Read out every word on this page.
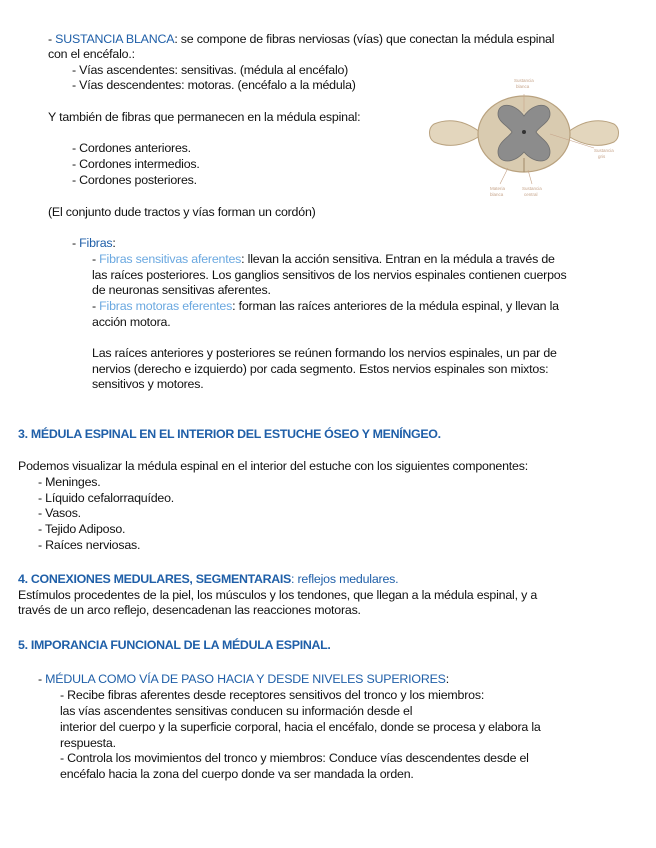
- SUSTANCIA BLANCA: se compone de fibras nerviosas (vías) que conectan la médula espinal
con el encéfalo.:
- Vías ascendentes: sensitivas. (médula al encéfalo)
- Vías descendentes: motoras. (encéfalo a la médula)
Y también de fibras que permanecen en la médula espinal:
- Cordones anteriores.
- Cordones intermedios.
- Cordones posteriores.
(El conjunto dude tractos y vías forman un cordón)
- Fibras:
- Fibras sensitivas aferentes: llevan la acción sensitiva. Entran en la médula a través de
las raíces posteriores. Los ganglios sensitivos de los nervios espinales contienen cuerpos
de neuronas sensitivas aferentes.
- Fibras motoras eferentes: forman las raíces anteriores de la médula espinal, y llevan la
acción motora.
Las raíces anteriores y posteriores se reúnen formando los nervios espinales, un par de
nervios (derecho e izquierdo) por cada segmento. Estos nervios espinales son mixtos:
sensitivos y motores.
3. MÉDULA ESPINAL EN EL INTERIOR DEL ESTUCHE ÓSEO Y MENÍNGEO.
Podemos visualizar la médula espinal en el interior del estuche con los siguientes componentes:
- Meninges.
- Líquido cefalorraquídeo.
- Vasos.
- Tejido Adiposo.
- Raíces nerviosas.
4. CONEXIONES MEDULARES, SEGMENTARAIS: reflejos medulares.
Estímulos procedentes de la piel, los músculos y los tendones, que llegan a la médula espinal, y a
través de un arco reflejo, desencadenan las reacciones motoras.
5. IMPORANCIA FUNCIONAL DE LA MÉDULA ESPINAL.
- MÉDULA COMO VÍA DE PASO HACIA Y DESDE NIVELES SUPERIORES:
- Recibe fibras aferentes desde receptores sensitivos del tronco y los miembros:
las vías ascendentes sensitivas conducen su información desde el
interior del cuerpo y la superficie corporal, hacia el encéfalo, donde se procesa y elabora la
respuesta.
- Controla los movimientos del tronco y miembros: Conduce vías descendentes desde el
encéfalo hacia la zona del cuerpo donde va ser mandada la orden.
Sustancia
blanca
Sustancia
gris
Materia
blanca
Sustancia
central
